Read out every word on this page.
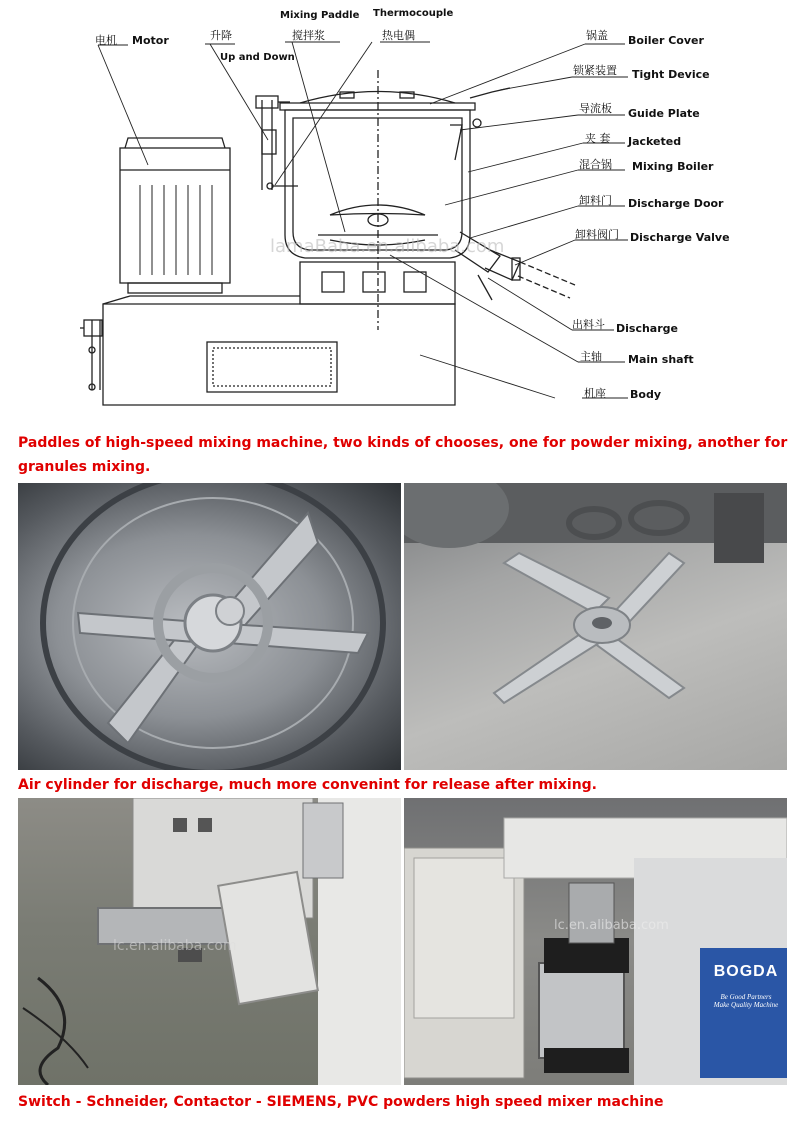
lamaBaba.en.alibaba.com
电机 Motor	升降
Up and Down
Mixing Paddle
搅拌浆
Thermocouple
热电偶	锅盖 Boiler Cover
锁紧装置 Tight Device
导流板 Guide Plate
夹 套 Jacketed
混合锅 Mixing Boiler
卸料门 Discharge Door
卸料阀门 Discharge Valve
出料斗 Discharge
主轴 Main shaft
机座 Body
Paddles of high-speed mixing machine, two kinds of chooses, one for powder mixing, another for granules mixing.
Air cylinder for discharge, much more convenint for release after mixing.
lc.en.alibaba.com
lc.en.alibaba.com
BOGDA
Be Good Partners
Make Quality Machine
Switch - Schneider, Contactor - SIEMENS, PVC powders high speed mixer machine
